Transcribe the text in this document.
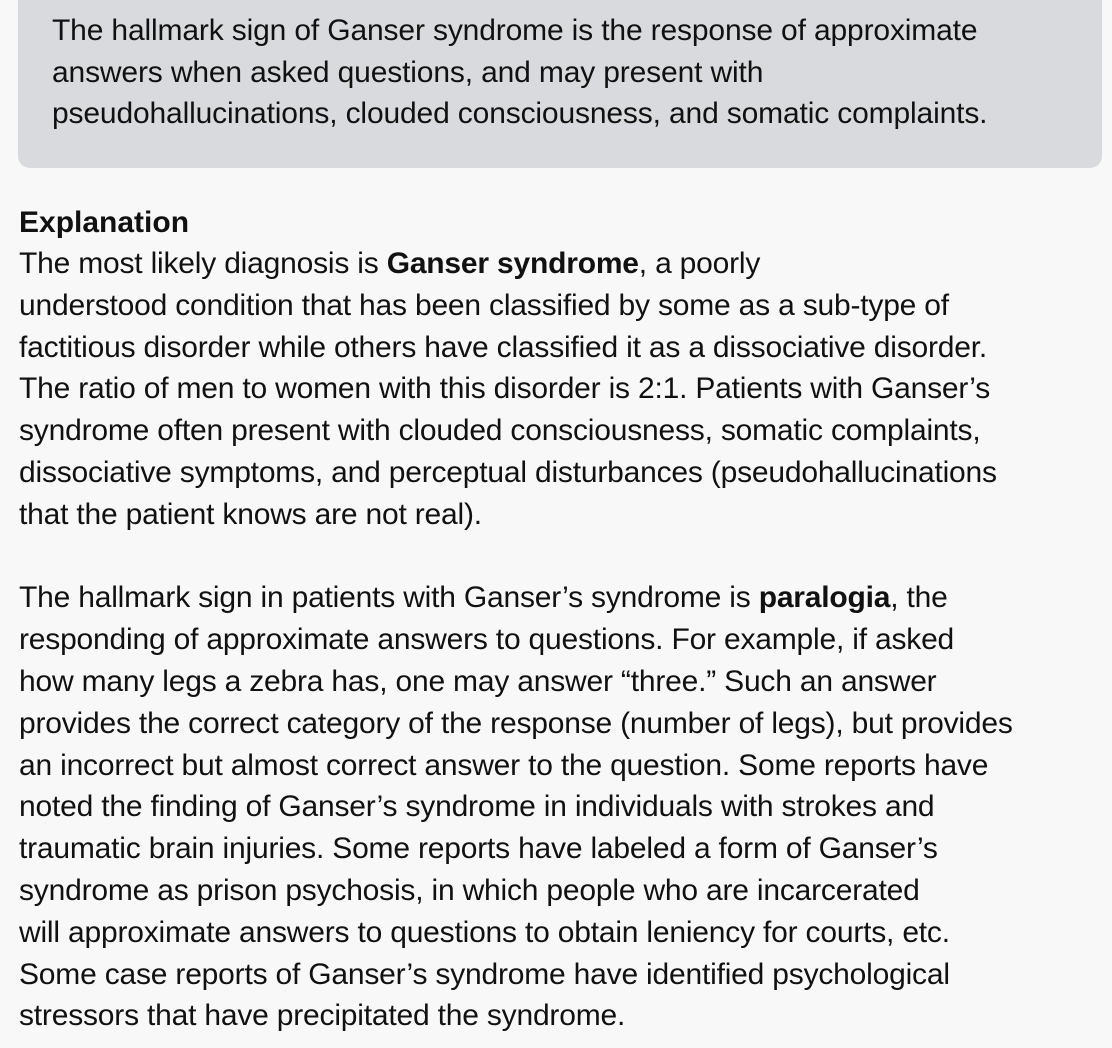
The hallmark sign of Ganser syndrome is the response of approximate
answers when asked questions, and may present with
pseudohallucinations, clouded consciousness, and somatic complaints.

Explanation

The most likely diagnosis is Ganser syndrome, a poorly
understood condition that has been classified by some as a sub-type of
factitious disorder while others have classified it as a dissociative disorder.
The ratio of men to women with this disorder is 2:1. Patients with Ganser’s
syndrome often present with clouded consciousness, somatic complaints,
dissociative symptoms, and perceptual disturbances (pseudohallucinations
that the patient knows are not real).

The hallmark sign in patients with Ganser’s syndrome is paralogia, the
responding of approximate answers to questions. For example, if asked
how many legs a zebra has, one may answer “three.” Such an answer
provides the correct category of the response (number of legs), but provides
an incorrect but almost correct answer to the question. Some reports have
noted the finding of Ganser’s syndrome in individuals with strokes and
traumatic brain injuries. Some reports have labeled a form of Ganser’s
syndrome as prison psychosis, in which people who are incarcerated
will approximate answers to questions to obtain leniency for courts, etc.
Some case reports of Ganser’s syndrome have identified psychological
stressors that have precipitated the syndrome.
